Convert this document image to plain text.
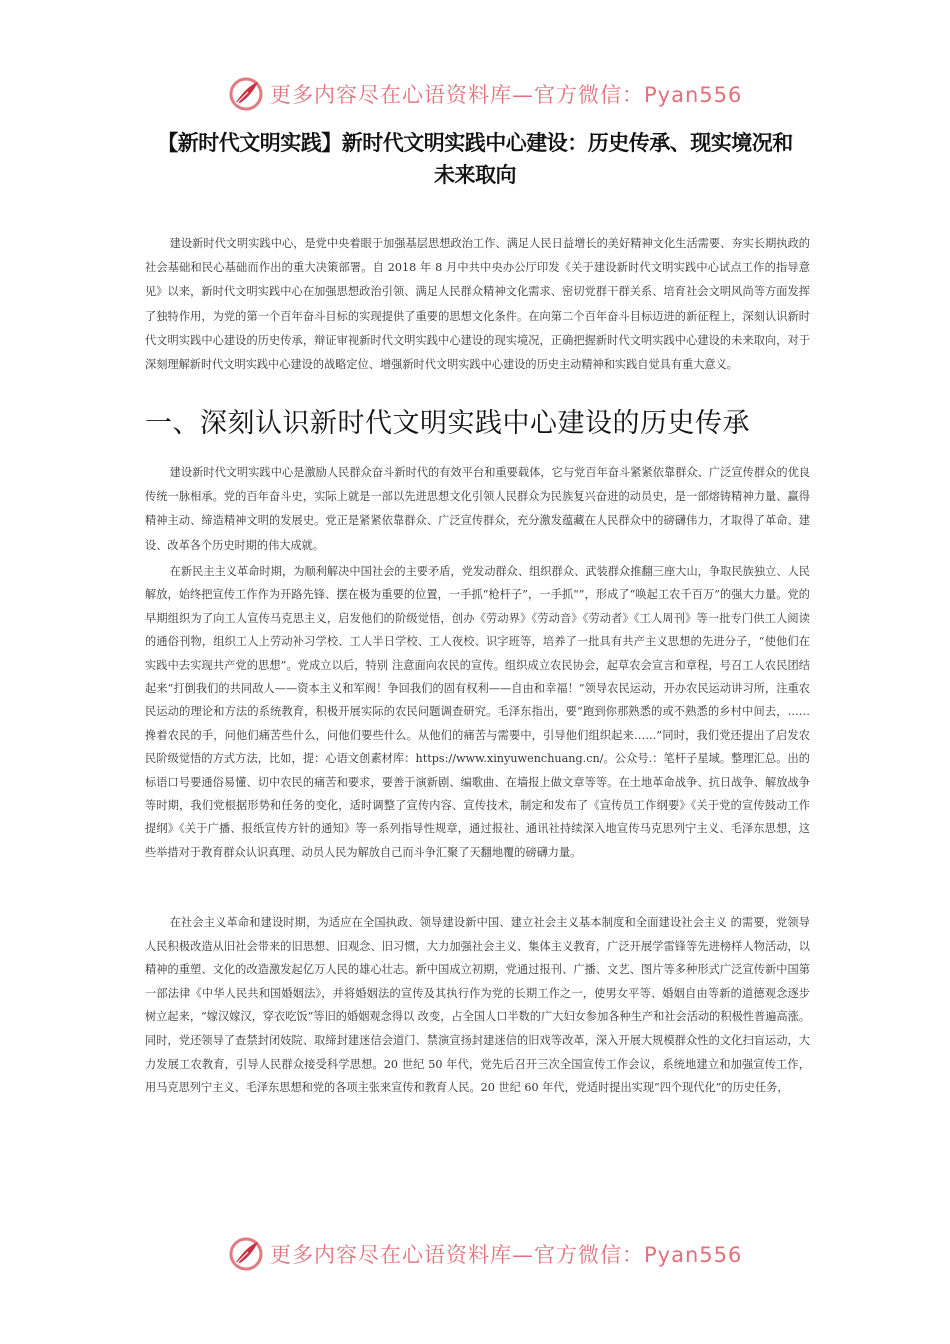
更多内容尽在心语资料库—官方微信：Pyan556
【新时代文明实践】新时代文明实践中心建设：历史传承、现实境况和未来取向
建设新时代文明实践中心，是党中央着眼于加强基层思想政治工作、满足人民日益增长的美好精神文化生活需要、夯实长期执政的社会基础和民心基础而作出的重大决策部署。自 2018 年 8 月中共中央办公厅印发《关于建设新时代文明实践中心试点工作的指导意见》以来，新时代文明实践中心在加强思想政治引领、满足人民群众精神文化需求、密切党群干群关系、培育社会文明风尚等方面发挥了独特作用，为党的第一个百年奋斗目标的实现提供了重要的思想文化条件。在向第二个百年奋斗目标迈进的新征程上，深刻认识新时代文明实践中心建设的历史传承，辩证审视新时代文明实践中心建设的现实境况，正确把握新时代文明实践中心建设的未来取向，对于深刻理解新时代文明实践中心建设的战略定位、增强新时代文明实践中心建设的历史主动精神和实践自觉具有重大意义。
一、深刻认识新时代文明实践中心建设的历史传承
建设新时代文明实践中心是激励人民群众奋斗新时代的有效平台和重要载体，它与党百年奋斗紧紧依靠群众、广泛宣传群众的优良传统一脉相承。党的百年奋斗史，实际上就是一部以先进思想文化引领人民群众为民族复兴奋进的动员史，是一部熔铸精神力量、赢得精神主动、缔造精神文明的发展史。党正是紧紧依靠群众、广泛宣传群众，充分激发蕴藏在人民群众中的磅礴伟力，才取得了革命、建设、改革各个历史时期的伟大成就。
在新民主主义革命时期，为顺利解决中国社会的主要矛盾，党发动群众、组织群众、武装群众推翻三座大山，争取民族独立、人民解放，始终把宣传工作作为开路先锋、摆在极为重要的位置，一手抓“枪杆子”，一手抓“”，形成了“唤起工农千百万”的强大力量。党的早期组织为了向工人宣传马克思主义，启发他们的阶级觉悟，创办《劳动界》《劳动音》《劳动者》《工人周刊》等一批专门供工人阅读的通俗刊物，组织工人上劳动补习学校、工人半日学校、工人夜校、识字班等，培养了一批具有共产主义思想的先进分子，“使他们在实践中去实现共产党的思想”。党成立以后，特别 注意面向农民的宣传。组织成立农民协会，起草农会宣言和章程，号召工人农民团结起来“打倒我们的共同敌人——资本主义和军阀！争回我们的固有权利——自由和幸福！”领导农民运动，开办农民运动讲习所，注重农民运动的理论和方法的系统教育，积极开展实际的农民问题调查研究。毛泽东指出，要“跑到你那熟悉的或不熟悉的乡村中间去，……搀着农民的手，问他们痛苦些什么，问他们要些什么。从他们的痛苦与需要中，引导他们组织起来……”同时，我们党还提出了启发农民阶级觉悟的方式方法，比如，提：心语文创素材库：https://www.xinyuwenchuang.cn/。公众号.：笔杆子星域。整理汇总。出的标语口号要通俗易懂、切中农民的痛苦和要求，要善于演新剧、编歌曲、在墙报上做文章等等。在土地革命战争、抗日战争、解放战争等时期，我们党根据形势和任务的变化，适时调整了宣传内容、宣传技术，制定和发布了《宣传员工作纲要》《关于党的宣传鼓动工作提纲》《关于广播、报纸宣传方针的通知》等一系列指导性规章，通过报社、通讯社持续深入地宣传马克思列宁主义、毛泽东思想，这些举措对于教育群众认识真理、动员人民为解放自己而斗争汇聚了天翻地覆的磅礴力量。
在社会主义革命和建设时期，为适应在全国执政、领导建设新中国、建立社会主义基本制度和全面建设社会主义 的需要，党领导人民积极改造从旧社会带来的旧思想、旧观念、旧习惯，大力加强社会主义、集体主义教育，广泛开展学雷锋等先进榜样人物活动，以精神的重塑、文化的改造激发起亿万人民的雄心壮志。新中国成立初期，党通过报刊、广播、文艺、图片等多种形式广泛宣传新中国第一部法律《中华人民共和国婚姻法》，并将婚姻法的宣传及其执行作为党的长期工作之一，使男女平等、婚姻自由等新的道德观念逐步树立起来，“嫁汉嫁汉，穿衣吃饭”等旧的婚姻观念得以 改变，占全国人口半数的广大妇女参加各种生产和社会活动的积极性普遍高涨。同时，党还领导了查禁封闭妓院、取缔封建迷信会道门、禁演宣扬封建迷信的旧戏等改革，深入开展大规模群众性的文化扫盲运动，大力发展工农教育，引导人民群众接受科学思想。20 世纪 50 年代，党先后召开三次全国宣传工作会议，系统地建立和加强宣传工作，用马克思列宁主义、毛泽东思想和党的各项主张来宣传和教育人民。20 世纪 60 年代，党适时提出实现“四个现代化”的历史任务，
更多内容尽在心语资料库—官方微信：Pyan556
